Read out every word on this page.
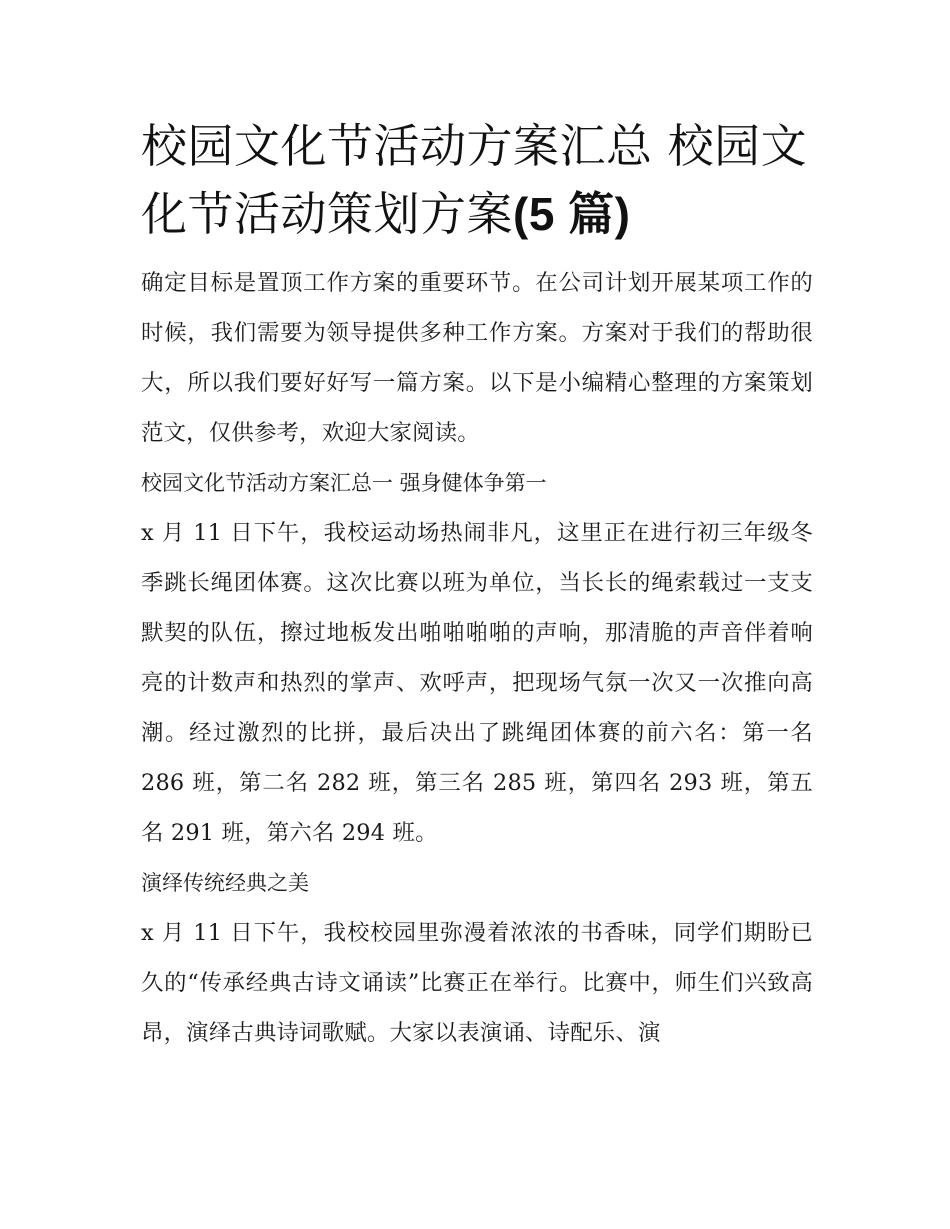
校园文化节活动方案汇总 校园文化节活动策划方案(5 篇)

确定目标是置顶工作方案的重要环节。在公司计划开展某项工作的时候，我们需要为领导提供多种工作方案。方案对于我们的帮助很大，所以我们要好好写一篇方案。以下是小编精心整理的方案策划范文，仅供参考，欢迎大家阅读。

校园文化节活动方案汇总一 强身健体争第一

x 月 11 日下午，我校运动场热闹非凡，这里正在进行初三年级冬季跳长绳团体赛。这次比赛以班为单位，当长长的绳索载过一支支默契的队伍，擦过地板发出啪啪啪啪的声响，那清脆的声音伴着响亮的计数声和热烈的掌声、欢呼声，把现场气氛一次又一次推向高潮。经过激烈的比拼，最后决出了跳绳团体赛的前六名：第一名 286 班，第二名 282 班，第三名 285 班，第四名 293 班，第五名 291 班，第六名 294 班。

演绎传统经典之美

x 月 11 日下午，我校校园里弥漫着浓浓的书香味，同学们期盼已久的“传承经典古诗文诵读”比赛正在举行。比赛中，师生们兴致高昂，演绎古典诗词歌赋。大家以表演诵、诗配乐、演
